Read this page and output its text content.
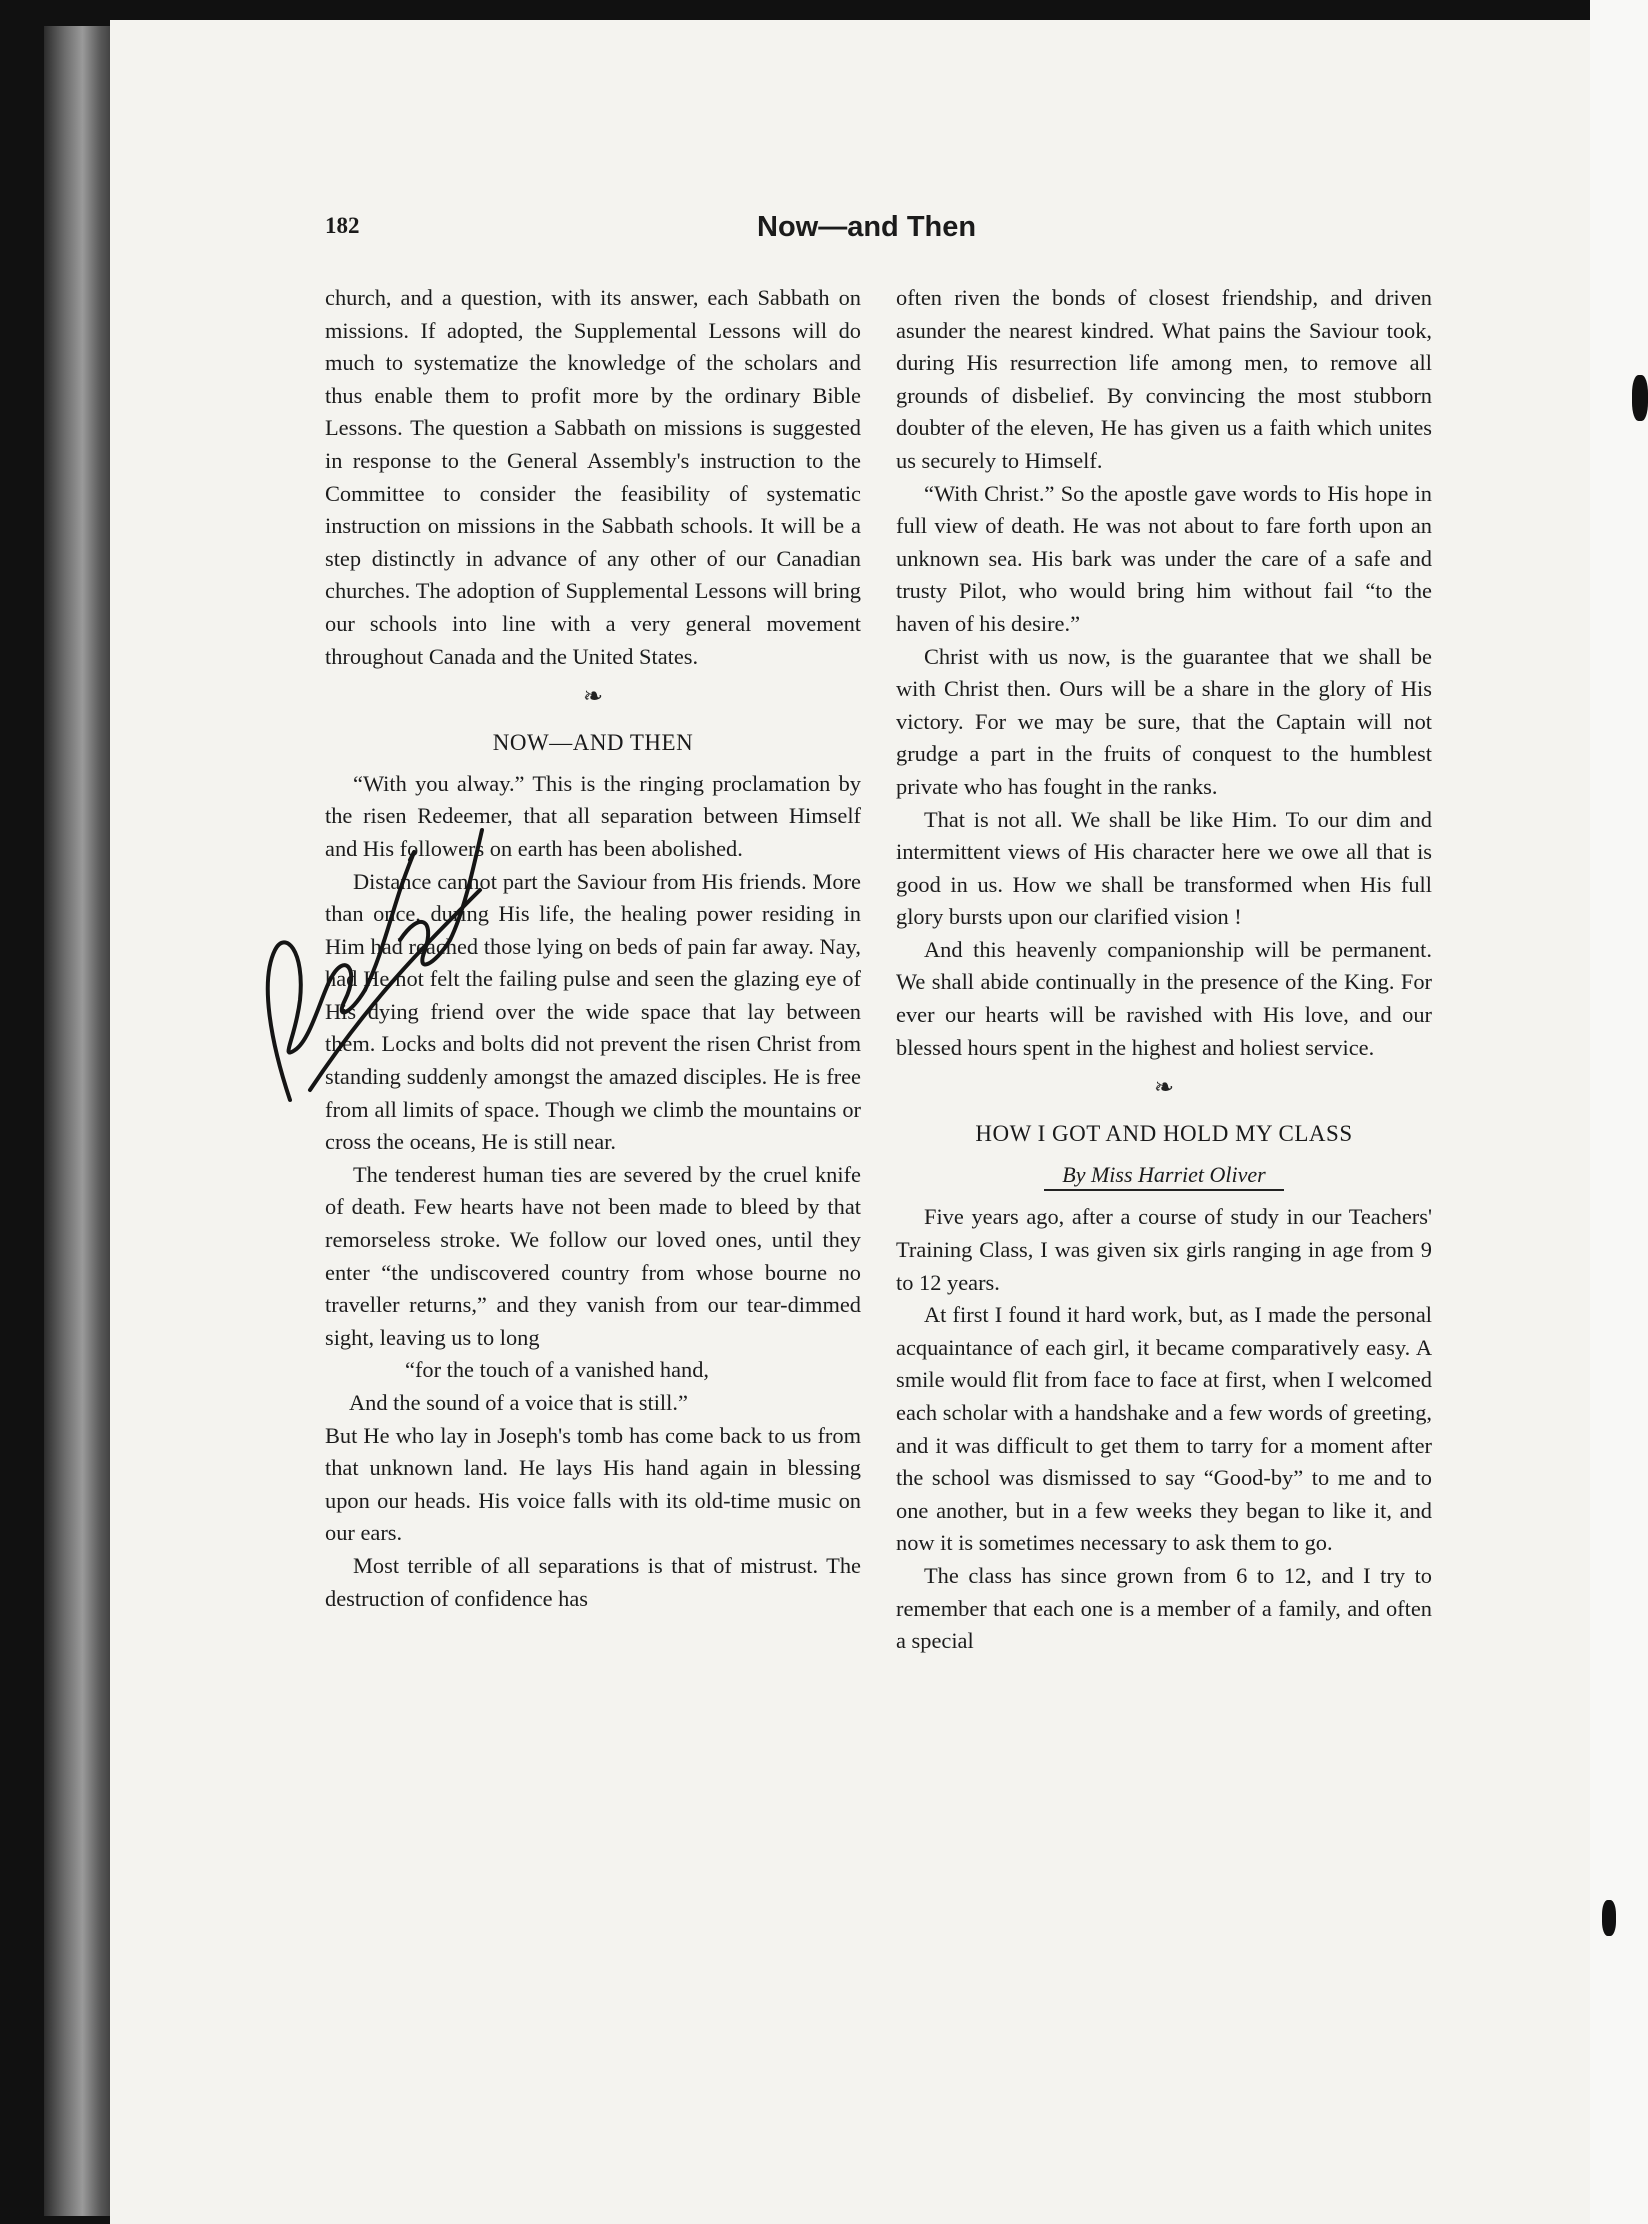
182	Now—and Then

church, and a question, with its answer, each Sabbath on missions. If adopted, the Supplemental Lessons will do much to systematize the knowledge of the scholars and thus enable them to profit more by the ordinary Bible Lessons. The question a Sabbath on missions is suggested in response to the General Assembly's instruction to the Committee to consider the feasibility of systematic instruction on missions in the Sabbath schools. It will be a step distinctly in advance of any other of our Canadian churches. The adoption of Supplemental Lessons will bring our schools into line with a very general movement throughout Canada and the United States.

❧
NOW—AND THEN

“With you alway.” This is the ringing proclamation by the risen Redeemer, that all separation between Himself and His followers on earth has been abolished.

Distance cannot part the Saviour from His friends. More than once, during His life, the healing power residing in Him had reached those lying on beds of pain far away. Nay, had He not felt the failing pulse and seen the glazing eye of His dying friend over the wide space that lay between them. Locks and bolts did not prevent the risen Christ from standing suddenly amongst the amazed disciples. He is free from all limits of space. Though we climb the mountains or cross the oceans, He is still near.

The tenderest human ties are severed by the cruel knife of death. Few hearts have not been made to bleed by that remorseless stroke. We follow our loved ones, until they enter “the undiscovered country from whose bourne no traveller returns,” and they vanish from our tear-dimmed sight, leaving us to long

“for the touch of a vanished hand,

And the sound of a voice that is still.”

But He who lay in Joseph's tomb has come back to us from that unknown land. He lays His hand again in blessing upon our heads. His voice falls with its old-time music on our ears.

Most terrible of all separations is that of mistrust. The destruction of confidence has

often riven the bonds of closest friendship, and driven asunder the nearest kindred. What pains the Saviour took, during His resurrection life among men, to remove all grounds of disbelief. By convincing the most stubborn doubter of the eleven, He has given us a faith which unites us securely to Himself.

“With Christ.” So the apostle gave words to His hope in full view of death. He was not about to fare forth upon an unknown sea. His bark was under the care of a safe and trusty Pilot, who would bring him without fail “to the haven of his desire.”

Christ with us now, is the guarantee that we shall be with Christ then. Ours will be a share in the glory of His victory. For we may be sure, that the Captain will not grudge a part in the fruits of conquest to the humblest private who has fought in the ranks.

That is not all. We shall be like Him. To our dim and intermittent views of His character here we owe all that is good in us. How we shall be transformed when His full glory bursts upon our clarified vision !

And this heavenly companionship will be permanent. We shall abide continually in the presence of the King. For ever our hearts will be ravished with His love, and our blessed hours spent in the highest and holiest service.

❧
HOW I GOT AND HOLD MY CLASS
By Miss Harriet Oliver

Five years ago, after a course of study in our Teachers' Training Class, I was given six girls ranging in age from 9 to 12 years.

At first I found it hard work, but, as I made the personal acquaintance of each girl, it became comparatively easy. A smile would flit from face to face at first, when I welcomed each scholar with a handshake and a few words of greeting, and it was difficult to get them to tarry for a moment after the school was dismissed to say “Good-by” to me and to one another, but in a few weeks they began to like it, and now it is sometimes necessary to ask them to go.

The class has since grown from 6 to 12, and I try to remember that each one is a member of a family, and often a special
